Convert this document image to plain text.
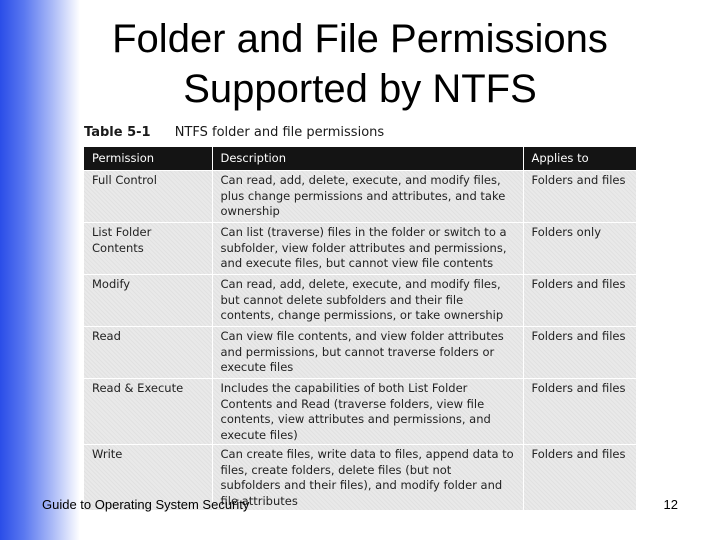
Folder and File Permissions
Supported by NTFS
Table 5-1 NTFS folder and file permissions
Permission	Description	Applies to
Full Control	Can read, add, delete, execute, and modify files, plus change permissions and attributes, and take ownership	Folders and files
List Folder Contents	Can list (traverse) files in the folder or switch to a subfolder, view folder attributes and permissions, and execute files, but cannot view file contents	Folders only
Modify	Can read, add, delete, execute, and modify files, but cannot delete subfolders and their file contents, change permissions, or take ownership	Folders and files
Read	Can view file contents, and view folder attributes and permissions, but cannot traverse folders or execute files	Folders and files
Read & Execute	Includes the capabilities of both List Folder Contents and Read (traverse folders, view file contents, view attributes and permissions, and execute files)	Folders and files
Write	Can create files, write data to files, append data to files, create folders, delete files (but not subfolders and their files), and modify folder and file attributes	Folders and files
Guide to Operating System Security	12
